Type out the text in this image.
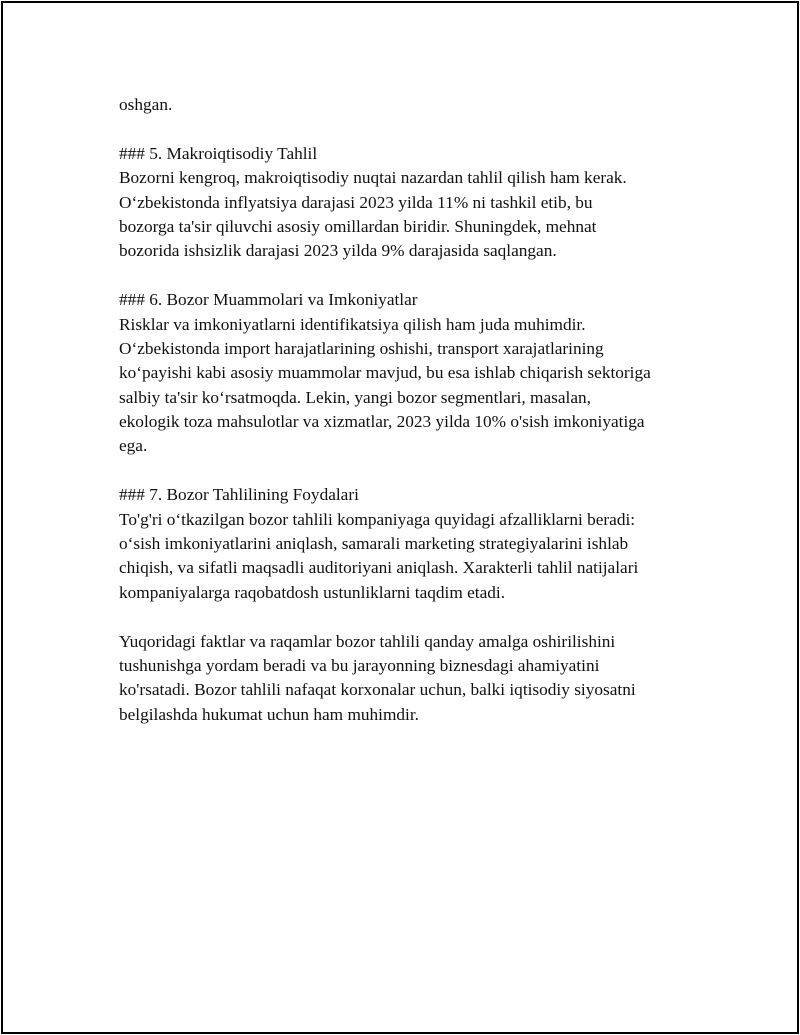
oshgan.
### 5. Makroiqtisodiy Tahlil
Bozorni kengroq, makroiqtisodiy nuqtai nazardan tahlil qilish ham kerak.
O‘zbekistonda inflyatsiya darajasi 2023 yilda 11% ni tashkil etib, bu
bozorga ta'sir qiluvchi asosiy omillardan biridir. Shuningdek, mehnat
bozorida ishsizlik darajasi 2023 yilda 9% darajasida saqlangan.
### 6. Bozor Muammolari va Imkoniyatlar
Risklar va imkoniyatlarni identifikatsiya qilish ham juda muhimdir.
O‘zbekistonda import harajatlarining oshishi, transport xarajatlarining
ko‘payishi kabi asosiy muammolar mavjud, bu esa ishlab chiqarish sektoriga
salbiy ta'sir ko‘rsatmoqda. Lekin, yangi bozor segmentlari, masalan,
ekologik toza mahsulotlar va xizmatlar, 2023 yilda 10% o'sish imkoniyatiga
ega.
### 7. Bozor Tahlilining Foydalari
To'g'ri o‘tkazilgan bozor tahlili kompaniyaga quyidagi afzalliklarni beradi:
o‘sish imkoniyatlarini aniqlash, samarali marketing strategiyalarini ishlab
chiqish, va sifatli maqsadli auditoriyani aniqlash. Xarakterli tahlil natijalari
kompaniyalarga raqobatdosh ustunliklarni taqdim etadi.
Yuqoridagi faktlar va raqamlar bozor tahlili qanday amalga oshirilishini
tushunishga yordam beradi va bu jarayonning biznesdagi ahamiyatini
ko'rsatadi. Bozor tahlili nafaqat korxonalar uchun, balki iqtisodiy siyosatni
belgilashda hukumat uchun ham muhimdir.
